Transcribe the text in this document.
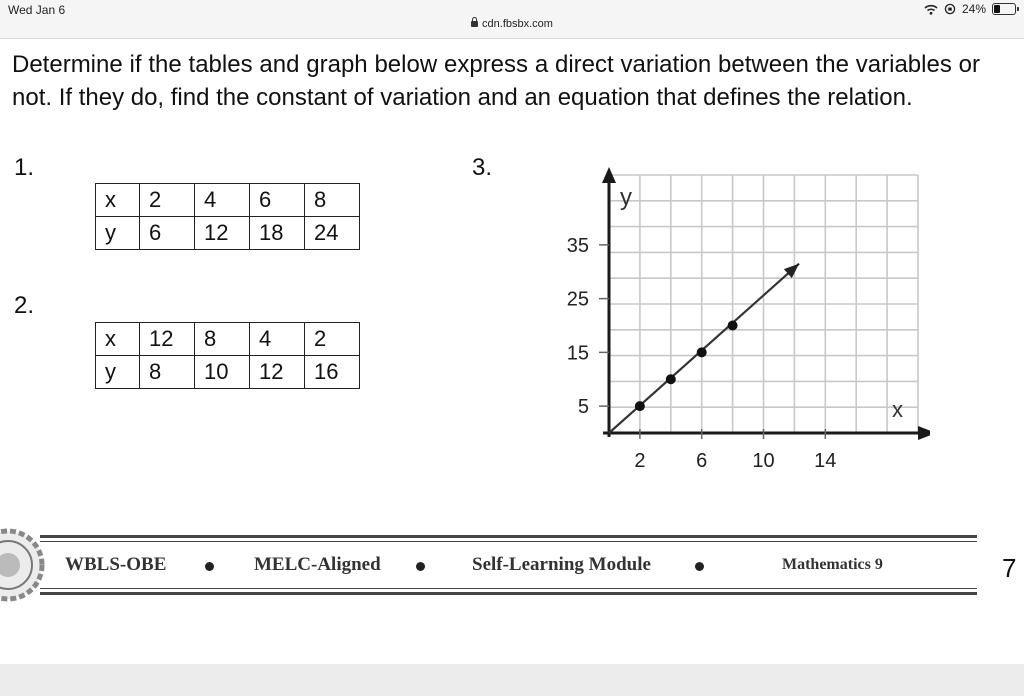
Wed Jan 6	24%
cdn.fbsbx.com

Determine if the tables and graph below express a direct variation between the variables or not. If they do, find the constant of variation and an equation that defines the relation.

1.
x	2	4	6	8
y	6	12	18	24
2.
x	12	8	4	2
y	8	10	12	16
3.
2	6 10 14
5
15
25
35
x
y
WBLS-OBE	MELC-Aligned	Self-Learning Module	Mathematics 9	7
